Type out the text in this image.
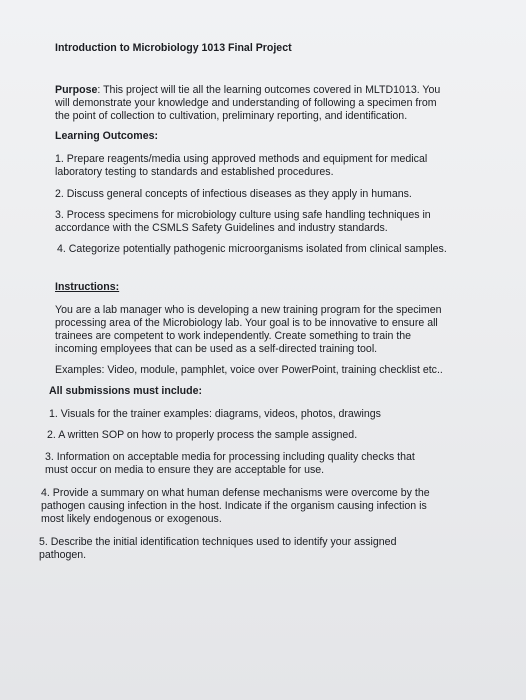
Introduction to Microbiology 1013 Final Project
Purpose: This project will tie all the learning outcomes covered in MLTD1013. You
will demonstrate your knowledge and understanding of following a specimen from
the point of collection to cultivation, preliminary reporting, and identification.
Learning Outcomes:
1. Prepare reagents/media using approved methods and equipment for medical
laboratory testing to standards and established procedures.
2. Discuss general concepts of infectious diseases as they apply in humans.
3. Process specimens for microbiology culture using safe handling techniques in
accordance with the CSMLS Safety Guidelines and industry standards.
4. Categorize potentially pathogenic microorganisms isolated from clinical samples.
Instructions:
You are a lab manager who is developing a new training program for the specimen
processing area of the Microbiology lab. Your goal is to be innovative to ensure all
trainees are competent to work independently. Create something to train the
incoming employees that can be used as a self-directed training tool.
Examples: Video, module, pamphlet, voice over PowerPoint, training checklist etc..
All submissions must include:
1. Visuals for the trainer examples: diagrams, videos, photos, drawings
2. A written SOP on how to properly process the sample assigned.
3. Information on acceptable media for processing including quality checks that
must occur on media to ensure they are acceptable for use.
4. Provide a summary on what human defense mechanisms were overcome by the
pathogen causing infection in the host. Indicate if the organism causing infection is
most likely endogenous or exogenous.
5. Describe the initial identification techniques used to identify your assigned
pathogen.
